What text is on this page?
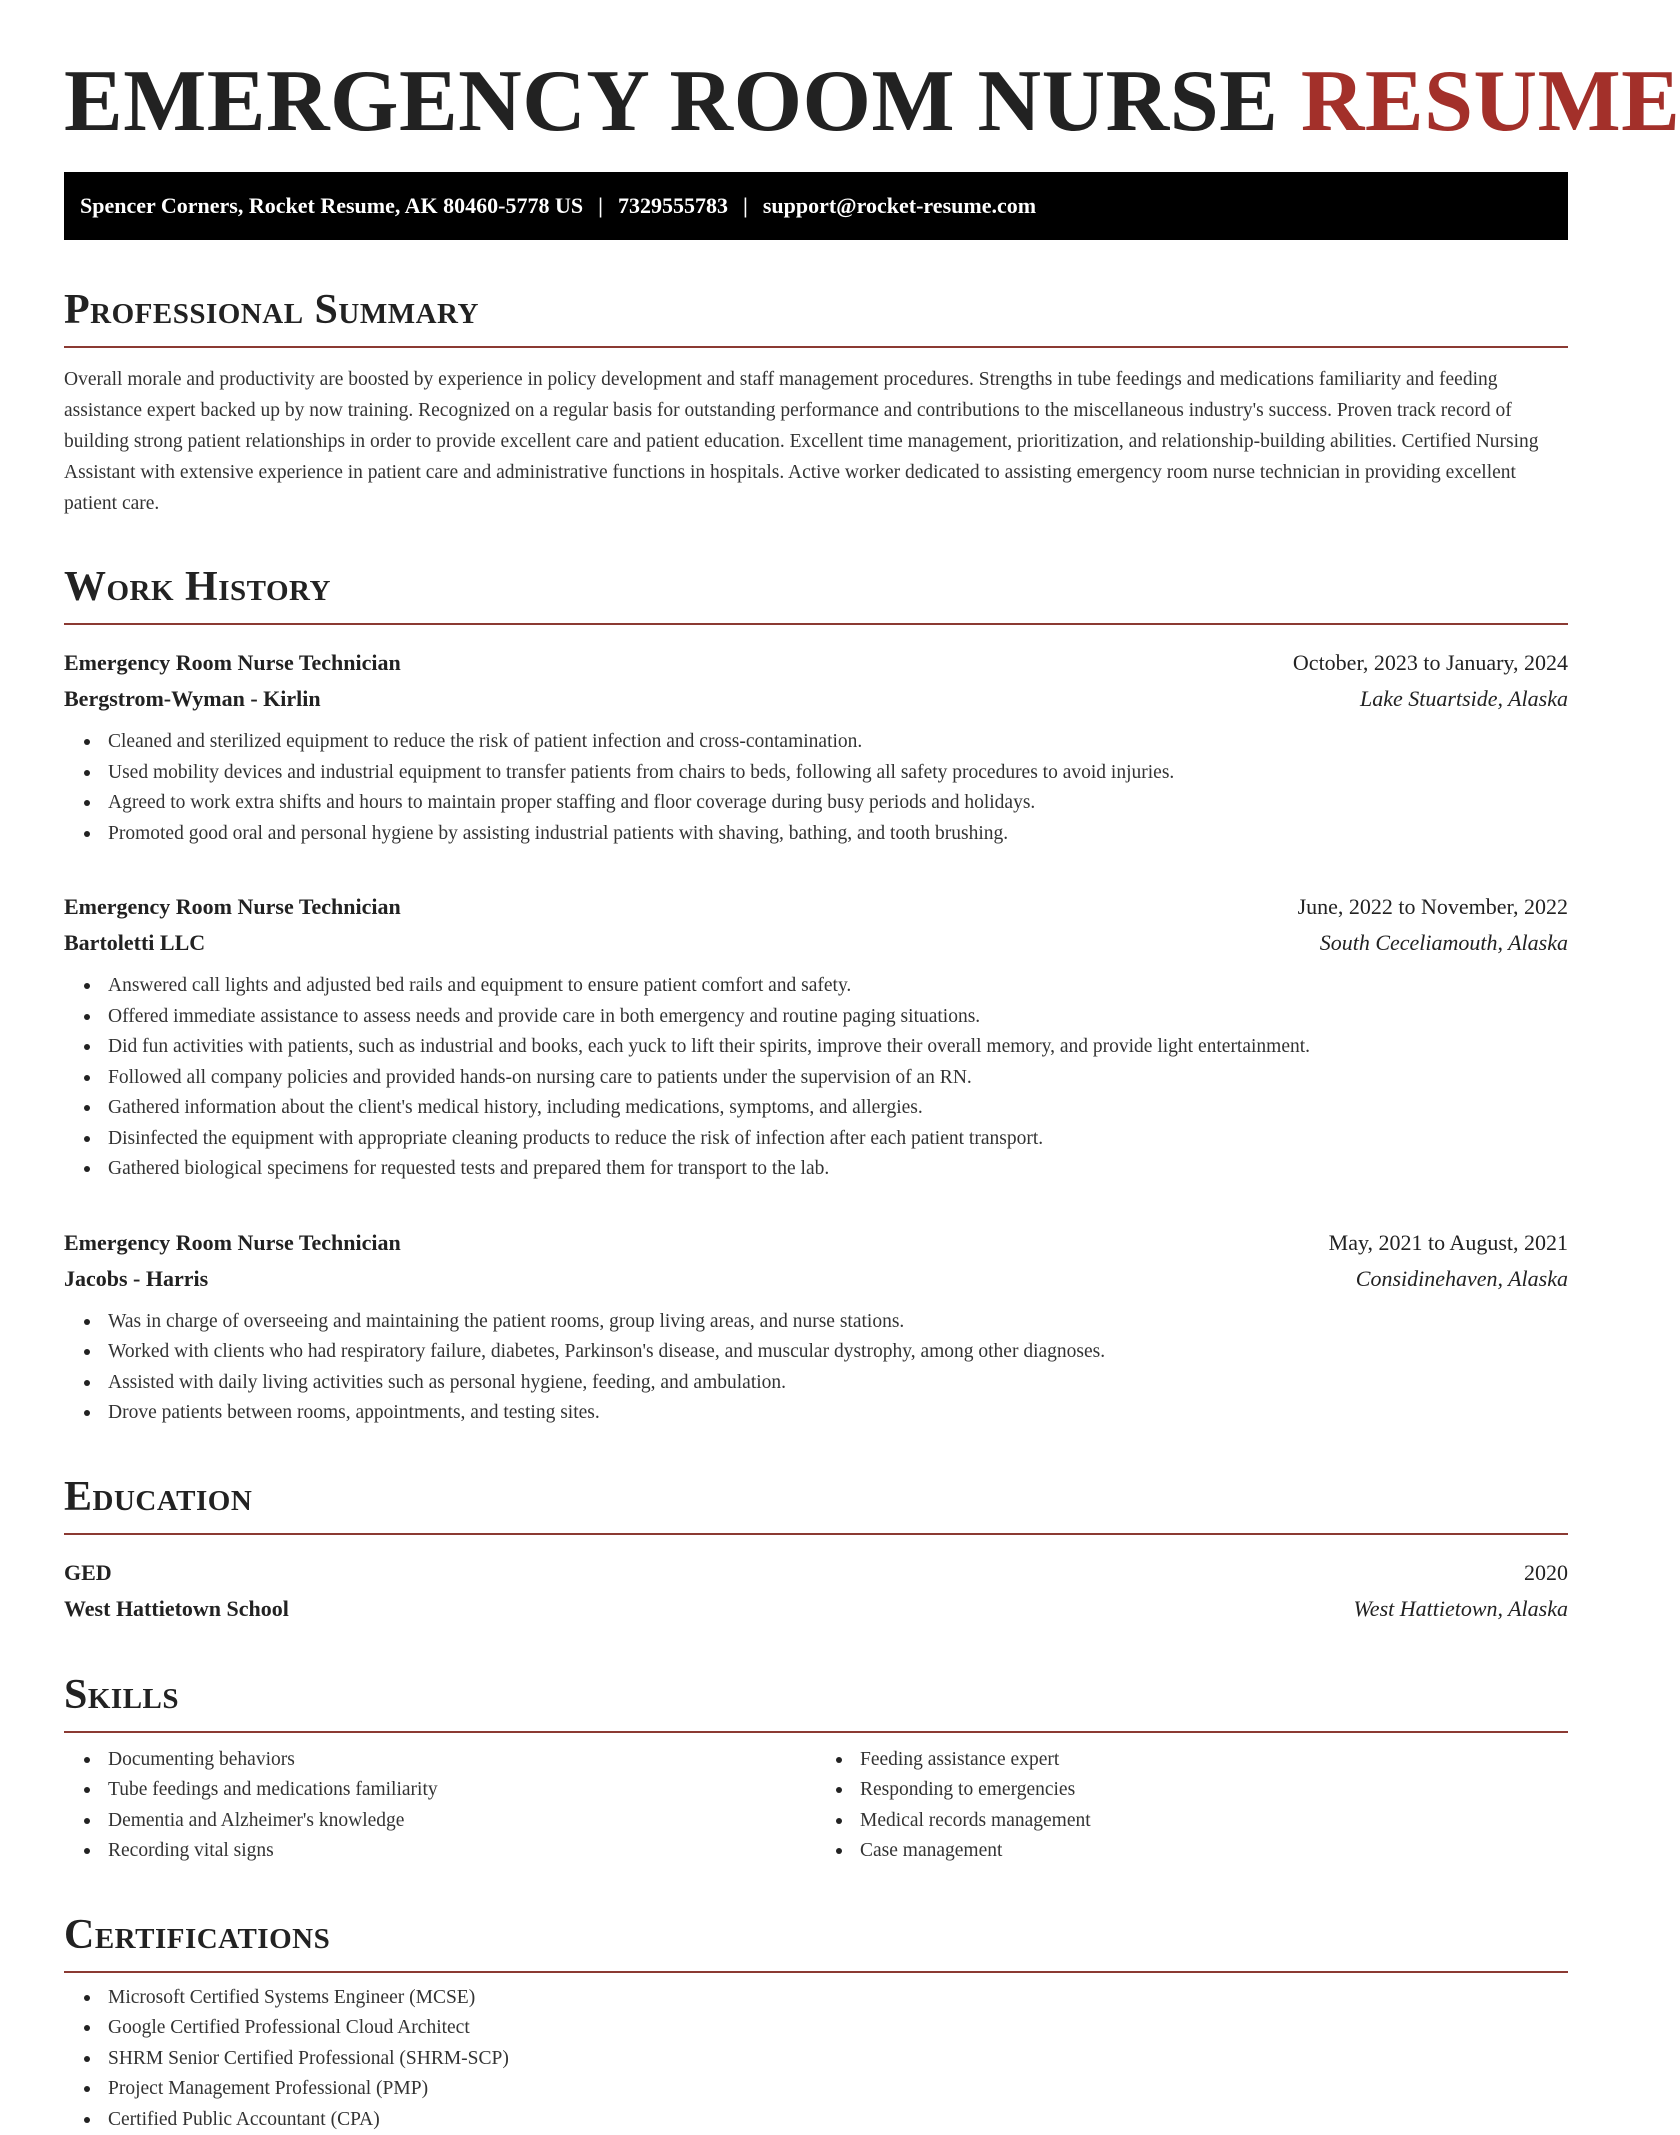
EMERGENCY ROOM NURSE RESUME
Spencer Corners, Rocket Resume, AK 80460-5778 US | 7329555783 | support@rocket-resume.com
Professional Summary
Overall morale and productivity are boosted by experience in policy development and staff management procedures. Strengths in tube feedings and medications familiarity and feeding assistance expert backed up by now training. Recognized on a regular basis for outstanding performance and contributions to the miscellaneous industry's success. Proven track record of building strong patient relationships in order to provide excellent care and patient education. Excellent time management, prioritization, and relationship-building abilities. Certified Nursing Assistant with extensive experience in patient care and administrative functions in hospitals. Active worker dedicated to assisting emergency room nurse technician in providing excellent patient care.
Work History
Emergency Room Nurse Technician	October, 2023 to January, 2024
Bergstrom-Wyman - Kirlin	Lake Stuartside, Alaska
Cleaned and sterilized equipment to reduce the risk of patient infection and cross-contamination.
Used mobility devices and industrial equipment to transfer patients from chairs to beds, following all safety procedures to avoid injuries.
Agreed to work extra shifts and hours to maintain proper staffing and floor coverage during busy periods and holidays.
Promoted good oral and personal hygiene by assisting industrial patients with shaving, bathing, and tooth brushing.
Emergency Room Nurse Technician	June, 2022 to November, 2022
Bartoletti LLC	South Ceceliamouth, Alaska
Answered call lights and adjusted bed rails and equipment to ensure patient comfort and safety.
Offered immediate assistance to assess needs and provide care in both emergency and routine paging situations.
Did fun activities with patients, such as industrial and books, each yuck to lift their spirits, improve their overall memory, and provide light entertainment.
Followed all company policies and provided hands-on nursing care to patients under the supervision of an RN.
Gathered information about the client's medical history, including medications, symptoms, and allergies.
Disinfected the equipment with appropriate cleaning products to reduce the risk of infection after each patient transport.
Gathered biological specimens for requested tests and prepared them for transport to the lab.
Emergency Room Nurse Technician	May, 2021 to August, 2021
Jacobs - Harris	Considinehaven, Alaska
Was in charge of overseeing and maintaining the patient rooms, group living areas, and nurse stations.
Worked with clients who had respiratory failure, diabetes, Parkinson's disease, and muscular dystrophy, among other diagnoses.
Assisted with daily living activities such as personal hygiene, feeding, and ambulation.
Drove patients between rooms, appointments, and testing sites.
Education
GED	2020
West Hattietown School	West Hattietown, Alaska
Skills
Documenting behaviors
Tube feedings and medications familiarity
Dementia and Alzheimer's knowledge
Recording vital signs
Feeding assistance expert
Responding to emergencies
Medical records management
Case management
Certifications
Microsoft Certified Systems Engineer (MCSE)
Google Certified Professional Cloud Architect
SHRM Senior Certified Professional (SHRM-SCP)
Project Management Professional (PMP)
Certified Public Accountant (CPA)
